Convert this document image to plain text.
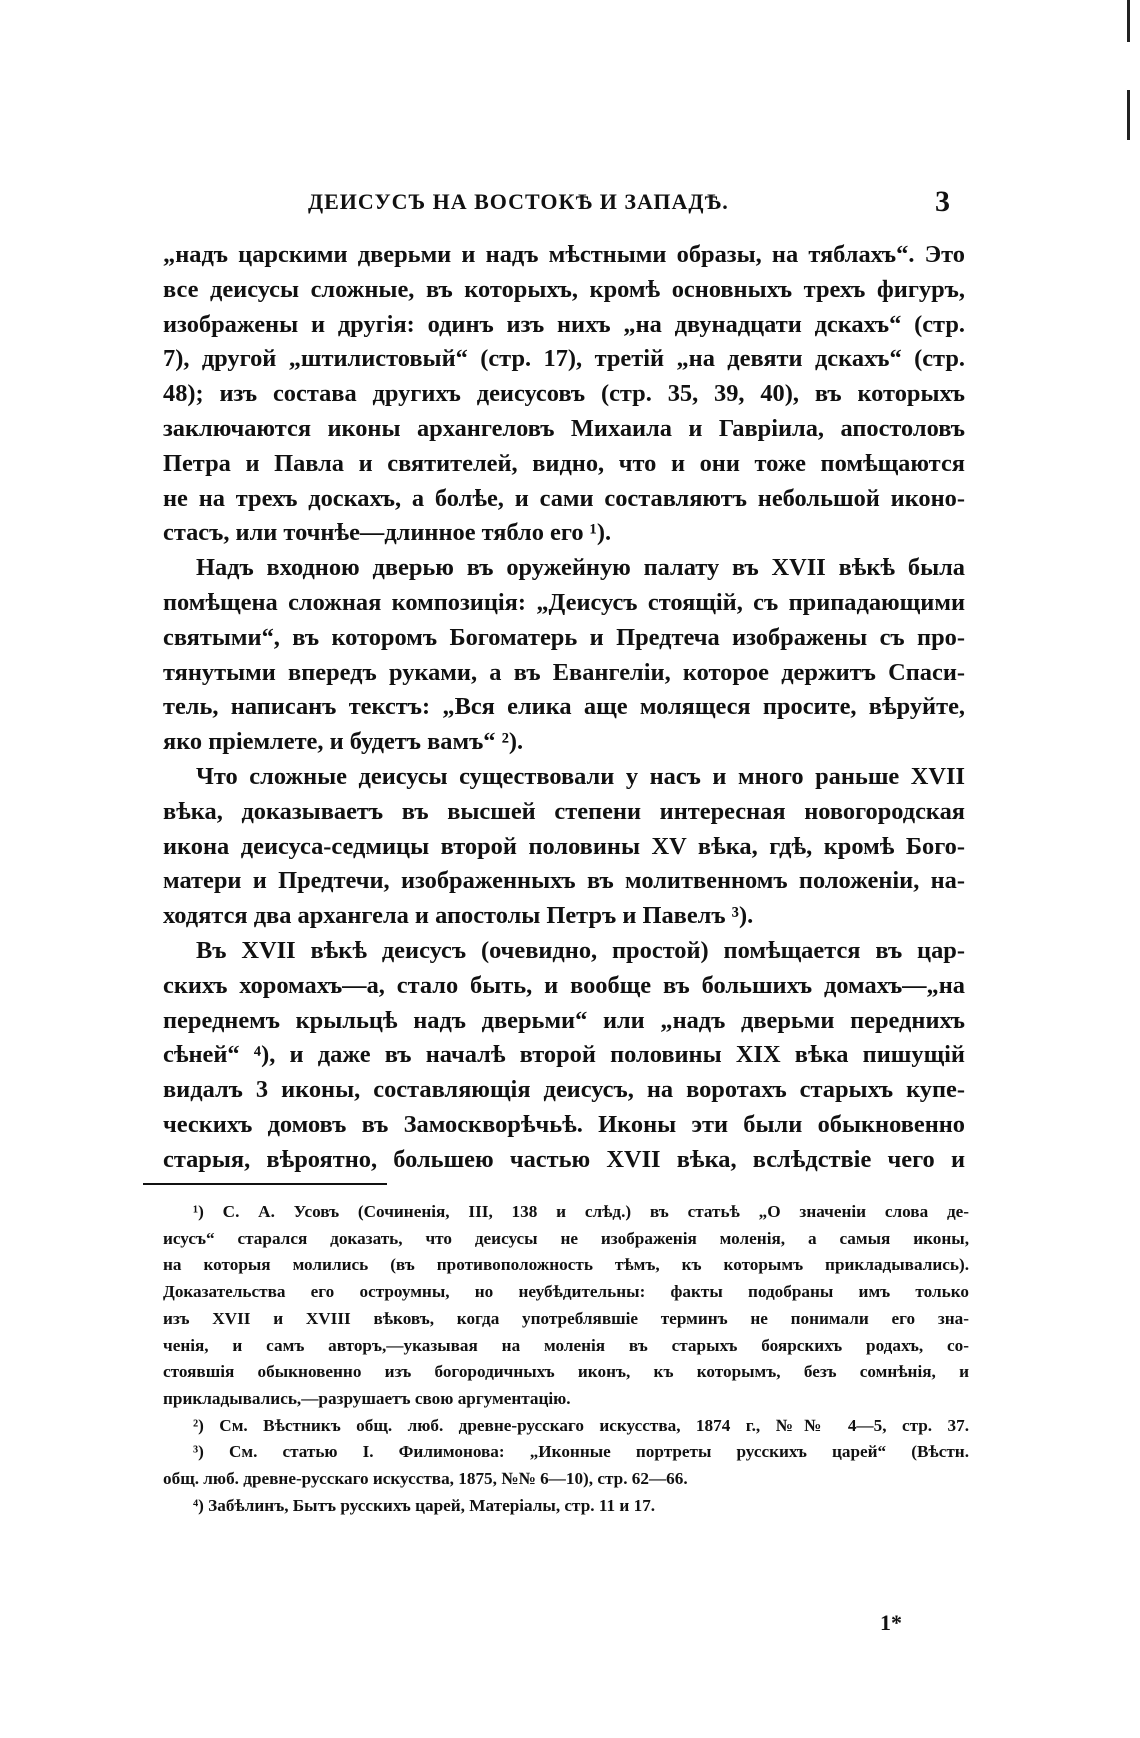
ДЕИСУСЪ НА ВОСТОКѢ И ЗАПАДѢ.	3
„надъ царскими дверьми и надъ мѣстными образы, на тяблахъ“. Это
все деисусы сложные, въ которыхъ, кромѣ основныхъ трехъ фигуръ,
изображены и другія: одинъ изъ нихъ „на двунадцати дскахъ“ (стр.
7), другой „штилистовый“ (стр. 17), третій „на девяти дскахъ“ (стр.
48); изъ состава другихъ деисусовъ (стр. 35, 39, 40), въ которыхъ
заключаются иконы архангеловъ Михаила и Гавріила, апостоловъ
Петра и Павла и святителей, видно, что и они тоже помѣщаются
не на трехъ доскахъ, а болѣе, и сами составляютъ небольшой иконо-
стасъ, или точнѣе—длинное тябло его ¹).
Надъ входною дверью въ оружейную палату въ XVII вѣкѣ была
помѣщена сложная композиція: „Деисусъ стоящій, съ припадающими
святыми“, въ которомъ Богоматерь и Предтеча изображены съ про-
тянутыми впередъ руками, а въ Евангеліи, которое держитъ Спаси-
тель, написанъ текстъ: „Вся елика аще молящеся просите, вѣруйте,
яко пріемлете, и будетъ вамъ“ ²).
Что сложные деисусы существовали у насъ и много раньше XVII
вѣка, доказываетъ въ высшей степени интересная новогородская
икона деисуса-седмицы второй половины XV вѣка, гдѣ, кромѣ Бого-
матери и Предтечи, изображенныхъ въ молитвенномъ положеніи, на-
ходятся два архангела и апостолы Петръ и Павелъ ³).
Въ XVII вѣкѣ деисусъ (очевидно, простой) помѣщается въ цар-
скихъ хоромахъ—а, стало быть, и вообще въ большихъ домахъ—„на
переднемъ крыльцѣ надъ дверьми“ или „надъ дверьми переднихъ
сѣней“ ⁴), и даже въ началѣ второй половины XIX вѣка пишущій
видалъ 3 иконы, составляющія деисусъ, на воротахъ старыхъ купе-
ческихъ домовъ въ Замоскворѣчьѣ. Иконы эти были обыкновенно
старыя, вѣроятно, большею частью XVII вѣка, вслѣдствіе чего и
¹) С. А. Усовъ (Сочиненія, III, 138 и слѣд.) въ статьѣ „О значеніи слова де-
исусъ“ старался доказать, что деисусы не изображенія моленія, а самыя иконы,
на которыя молились (въ противоположность тѣмъ, къ которымъ прикладывались).
Доказательства его остроумны, но неубѣдительны: факты подобраны имъ только
изъ XVII и XVIII вѣковъ, когда употреблявшіе терминъ не понимали его зна-
ченія, и самъ авторъ,—указывая на моленія въ старыхъ боярскихъ родахъ, со-
стоявшія обыкновенно изъ богородичныхъ иконъ, къ которымъ, безъ сомнѣнія, и
прикладывались,—разрушаетъ свою аргументацію.
²) См. Вѣстникъ общ. люб. древне-русскаго искусства, 1874 г., №№ 4—5, стр. 37.
³) См. статью I. Филимонова: „Иконные портреты русскихъ царей“ (Вѣстн.
общ. люб. древне-русскаго искусства, 1875, №№ 6—10), стр. 62—66.
⁴) Забѣлинъ, Бытъ русскихъ царей, Матеріалы, стр. 11 и 17.
1*
